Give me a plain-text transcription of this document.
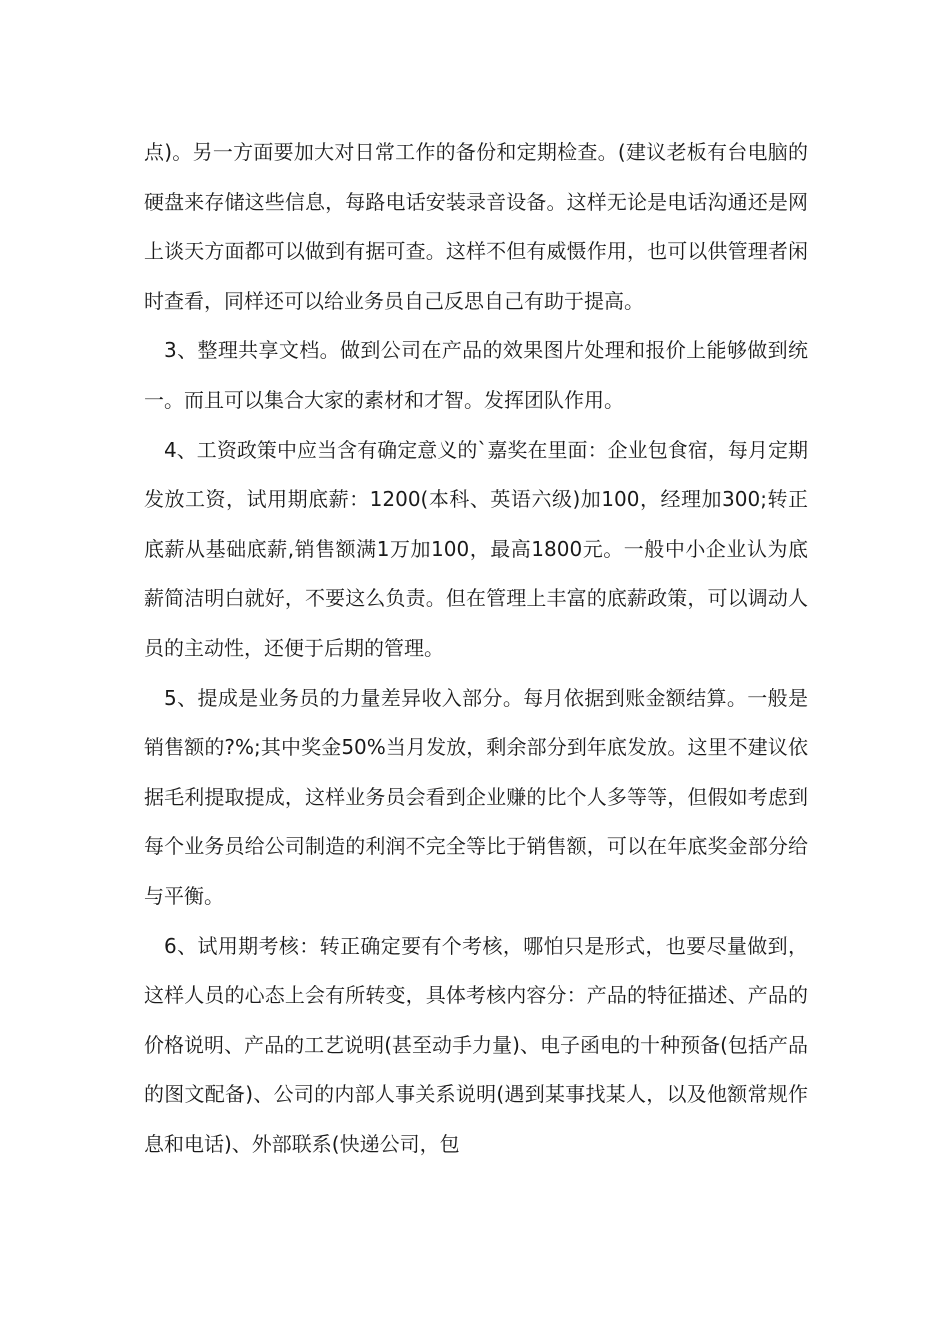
点)。另一方面要加大对日常工作的备份和定期检查。(建议老板有台电脑的硬盘来存储这些信息，每路电话安装录音设备。这样无论是电话沟通还是网上谈天方面都可以做到有据可查。这样不但有威慑作用，也可以供管理者闲时查看，同样还可以给业务员自己反思自己有助于提高。

3、整理共享文档。做到公司在产品的效果图片处理和报价上能够做到统一。而且可以集合大家的素材和才智。发挥团队作用。

4、工资政策中应当含有确定意义的`嘉奖在里面：企业包食宿，每月定期发放工资，试用期底薪：1200(本科、英语六级)加100，经理加300;转正底薪从基础底薪,销售额满1万加100，最高1800元。一般中小企业认为底薪简洁明白就好，不要这么负责。但在管理上丰富的底薪政策，可以调动人员的主动性，还便于后期的管理。

5、提成是业务员的力量差异收入部分。每月依据到账金额结算。一般是销售额的?%;其中奖金50%当月发放，剩余部分到年底发放。这里不建议依据毛利提取提成，这样业务员会看到企业赚的比个人多等等，但假如考虑到每个业务员给公司制造的利润不完全等比于销售额，可以在年底奖金部分给与平衡。

6、试用期考核：转正确定要有个考核，哪怕只是形式，也要尽量做到，这样人员的心态上会有所转变，具体考核内容分：产品的特征描述、产品的价格说明、产品的工艺说明(甚至动手力量)、电子函电的十种预备(包括产品的图文配备)、公司的内部人事关系说明(遇到某事找某人，以及他额常规作息和电话)、外部联系(快递公司，包
